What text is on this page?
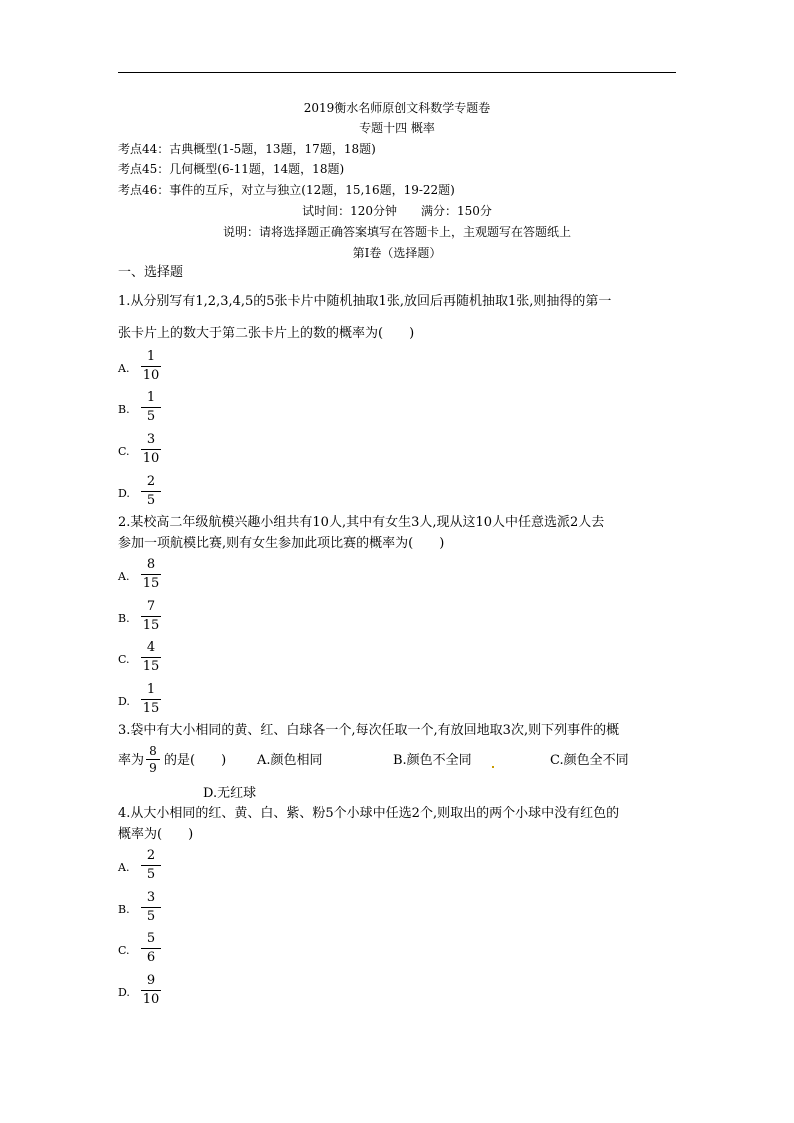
2019衡水名师原创文科数学专题卷
专题十四 概率
考点44：古典概型(1-5题，13题，17题，18题)
考点45：几何概型(6-11题，14题，18题)
考点46：事件的互斥，对立与独立(12题，15,16题，19-22题)
试时间：120分钟　　满分：150分
说明：请将选择题正确答案填写在答题卡上，主观题写在答题纸上
第Ⅰ卷（选择题）
一、选择题
1.从分别写有1,2,3,4,5的5张卡片中随机抽取1张,放回后再随机抽取1张,则抽得的第一
张卡片上的数大于第二张卡片上的数的概率为(　　)
A.
1
10
B.
1
5
C.
3
10
D.
2
5
2.某校高二年级航模兴趣小组共有10人,其中有女生3人,现从这10人中任意选派2人去
参加一项航模比赛,则有女生参加此项比赛的概率为(　　)
A.
8
15
B.
7
15
C.
4
15
D.
1
15
3.袋中有大小相同的黄、红、白球各一个,每次任取一个,有放回地取3次,则下列事件的概
率为
8
9 的是(　　) A.颜色相同	B.颜色不全同	C.颜色全不同
D.无红球
4.从大小相同的红、黄、白、紫、粉5个小球中任选2个,则取出的两个小球中没有红色的
概率为(　　)
A.
2
5
B.
3
5
C.
5
6
D.
9
10
